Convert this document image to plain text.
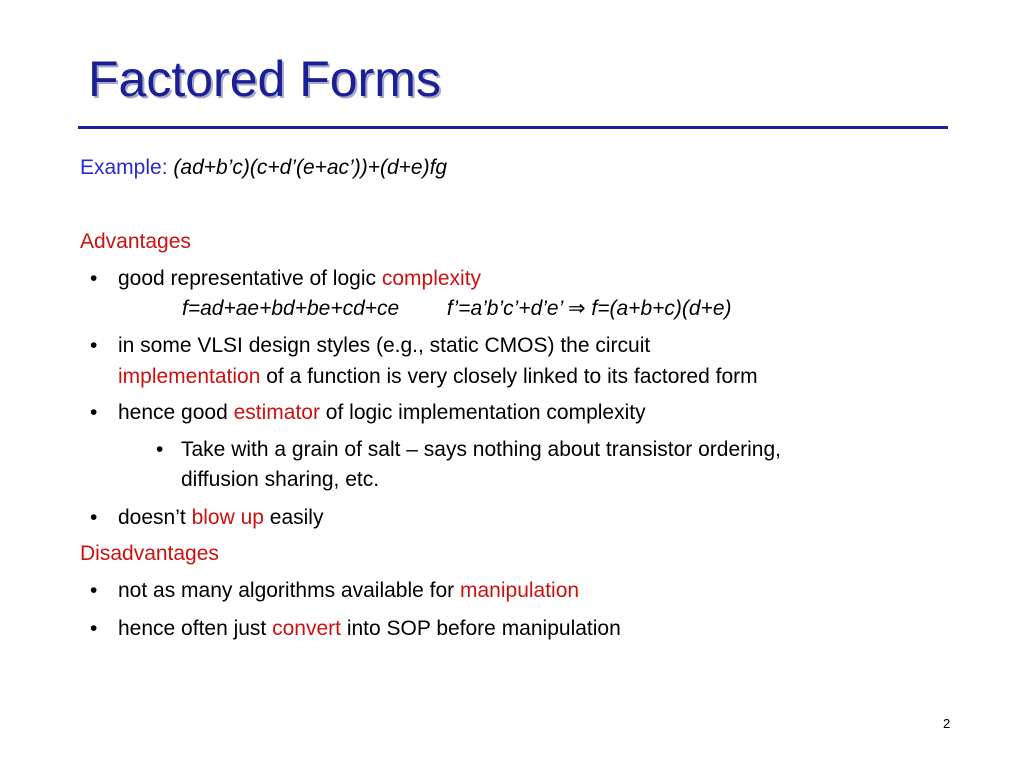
Factored Forms
Example: (ad+b’c)(c+d’(e+ac’))+(d+e)fg
Advantages
• good representative of logic complexity
f=ad+ae+bd+be+cd+ce f’=a’b’c’+d’e’ ⇒ f=(a+b+c)(d+e)
• in some VLSI design styles (e.g., static CMOS) the circuit
implementation of a function is very closely linked to its factored form
• hence good estimator of logic implementation complexity
• Take with a grain of salt – says nothing about transistor ordering,
diffusion sharing, etc.
• doesn’t blow up easily
Disadvantages
• not as many algorithms available for manipulation
• hence often just convert into SOP before manipulation
2
